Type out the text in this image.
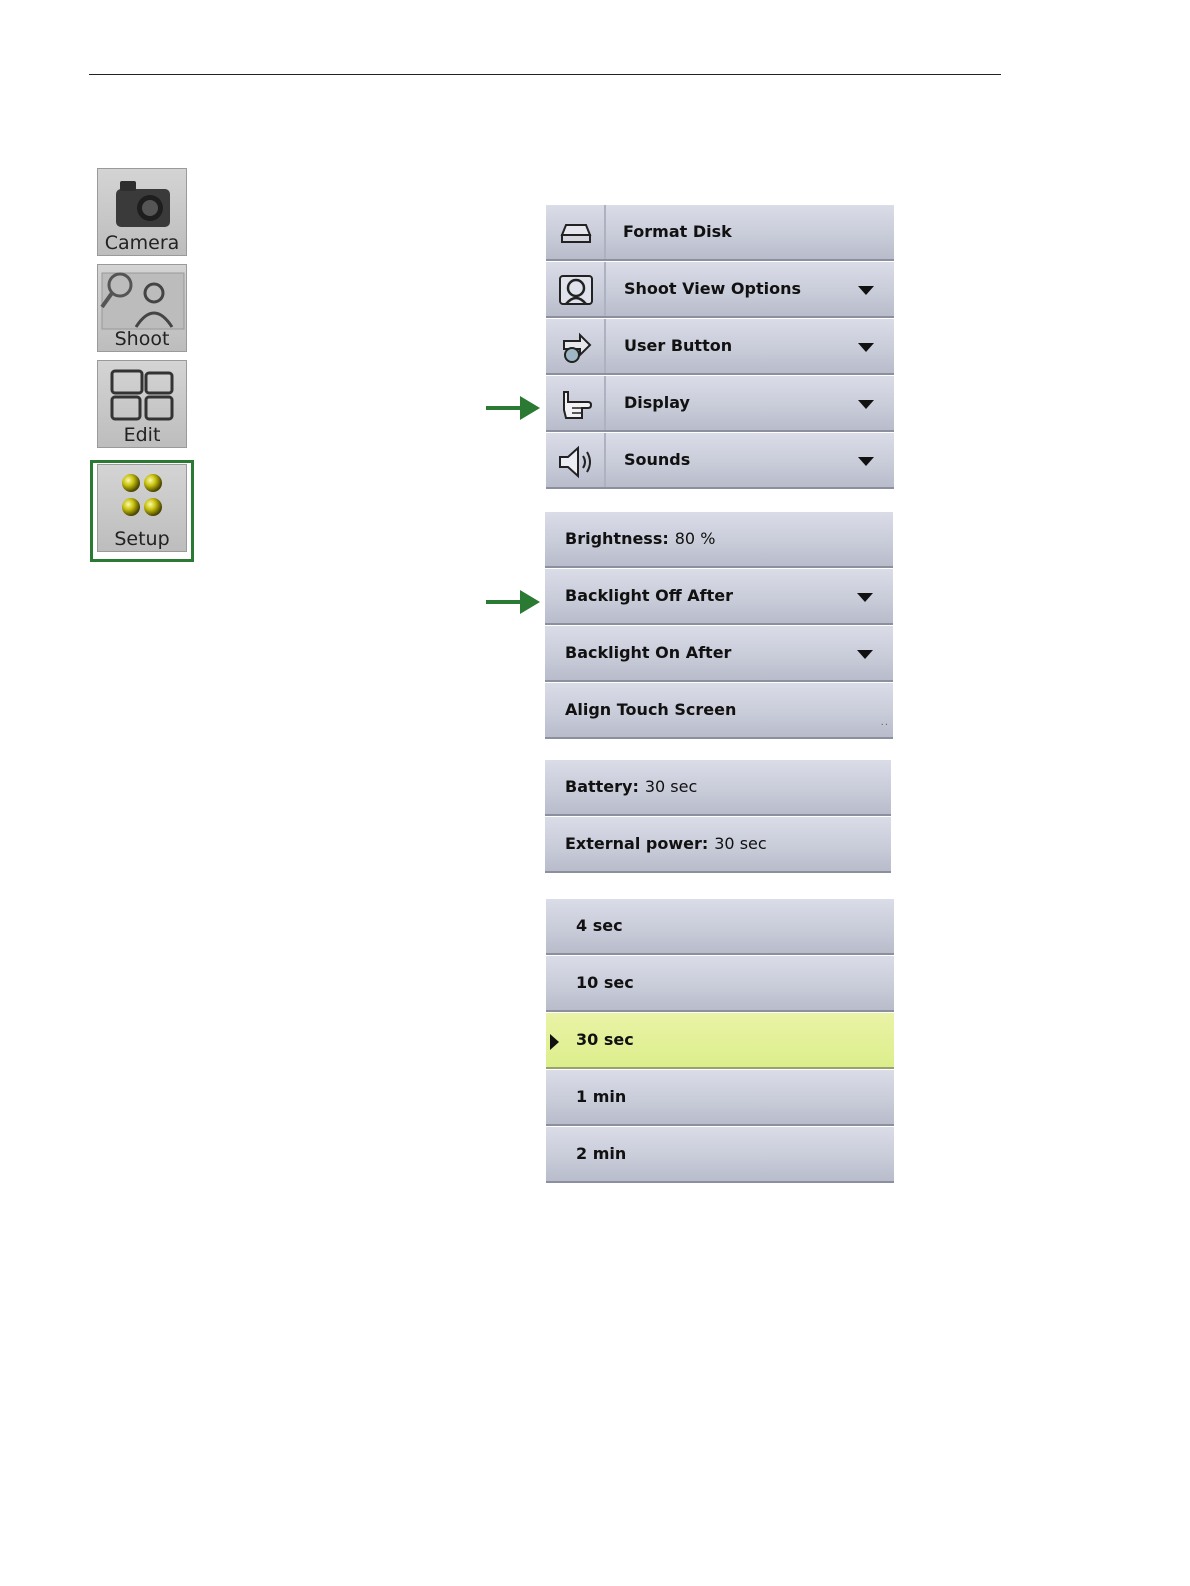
Camera
Shoot
Edit
Setup
Format Disk
Shoot View Options
User Button
Display
Sounds
Brightness: 80 %
Backlight Off After
Backlight On After
Align Touch Screen
··
Battery: 30 sec
External power: 30 sec
4 sec
10 sec
30 sec
1 min
2 min
